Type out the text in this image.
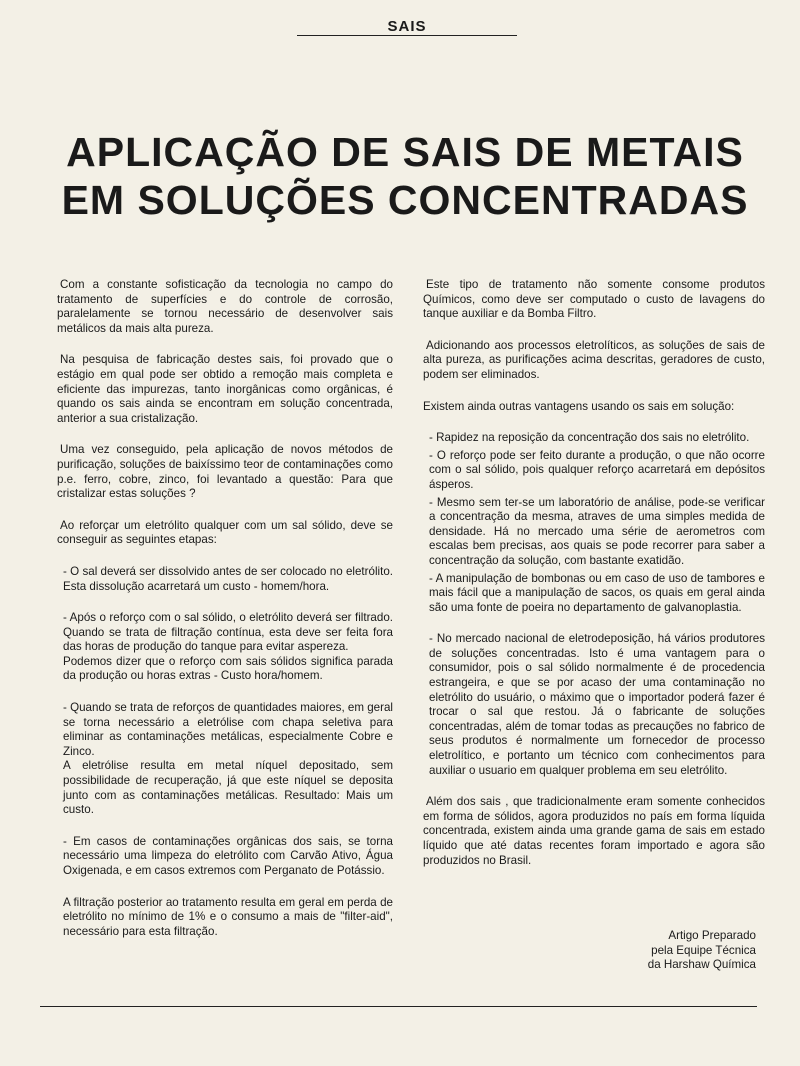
SAIS
APLICAÇÃO DE SAIS DE METAIS
EM SOLUÇÕES CONCENTRADAS

Com a constante sofisticação da tecnologia no campo do tratamento de superfícies e do controle de corrosão, paralelamente se tornou necessário de desenvolver sais metálicos da mais alta pureza.

Na pesquisa de fabricação destes sais, foi provado que o estágio em qual pode ser obtido a remoção mais completa e eficiente das impurezas, tanto inorgânicas como orgânicas, é quando os sais ainda se encontram em solução concentrada, anterior a sua cristalização.

Uma vez conseguido, pela aplicação de novos métodos de purificação, soluções de baixíssimo teor de contaminações como p.e. ferro, cobre, zinco, foi levantado a questão: Para que cristalizar estas soluções ?

Ao reforçar um eletrólito qualquer com um sal sólido, deve se conseguir as seguintes etapas:

- O sal deverá ser dissolvido antes de ser colocado no eletrólito. Esta dissolução acarretará um custo - homem/hora.

- Após o reforço com o sal sólido, o eletrólito deverá ser filtrado. Quando se trata de filtração contínua, esta deve ser feita fora das horas de produção do tanque para evitar aspereza.

Podemos dizer que o reforço com sais sólidos significa parada da produção ou horas extras - Custo hora/homem.

- Quando se trata de reforços de quantidades maiores, em geral se torna necessário a eletrólise com chapa seletiva para eliminar as contaminações metálicas, especialmente Cobre e Zinco.

A eletrólise resulta em metal níquel depositado, sem possibilidade de recuperação, já que este níquel se deposita junto com as contaminações metálicas. Resultado: Mais um custo.

- Em casos de contaminações orgânicas dos sais, se torna necessário uma limpeza do eletrólito com Carvão Ativo, Água Oxigenada, e em casos extremos com Perganato de Potássio.

A filtração posterior ao tratamento resulta em geral em perda de eletrólito no mínimo de 1% e o consumo a mais de "filter-aid", necessário para esta filtração.

Este tipo de tratamento não somente consome produtos Químicos, como deve ser computado o custo de lavagens do tanque auxiliar e da Bomba Filtro.

Adicionando aos processos eletrolíticos, as soluções de sais de alta pureza, as purificações acima descritas, geradores de custo, podem ser eliminados.

Existem ainda outras vantagens usando os sais em solução:

- Rapidez na reposição da concentração dos sais no eletrólito.

- O reforço pode ser feito durante a produção, o que não ocorre com o sal sólido, pois qualquer reforço acarretará em depósitos ásperos.

- Mesmo sem ter-se um laboratório de análise, pode-se verificar a concentração da mesma, atraves de uma simples medida de densidade. Há no mercado uma série de aerometros com escalas bem precisas, aos quais se pode recorrer para saber a concentração da solução, com bastante exatidão.

- A manipulação de bombonas ou em caso de uso de tambores e mais fácil que a manipulação de sacos, os quais em geral ainda são uma fonte de poeira no departamento de galvanoplastia.

- No mercado nacional de eletrodeposição, há vários produtores de soluções concentradas. Isto é uma vantagem para o consumidor, pois o sal sólido normalmente é de procedencia estrangeira, e que se por acaso der uma contaminação no eletrólito do usuário, o máximo que o importador poderá fazer é trocar o sal que restou. Já o fabricante de soluções concentradas, além de tomar todas as precauções no fabrico de seus produtos é normalmente um fornecedor de processo eletrolítico, e portanto um técnico com conhecimentos para auxiliar o usuario em qualquer problema em seu eletrólito.

Além dos sais , que tradicionalmente eram somente conhecidos em forma de sólidos, agora produzidos no país em forma líquida concentrada, existem ainda uma grande gama de sais em estado líquido que até datas recentes foram importado e agora são produzidos no Brasil.

Artigo Preparado
pela Equipe Técnica
da Harshaw Química
